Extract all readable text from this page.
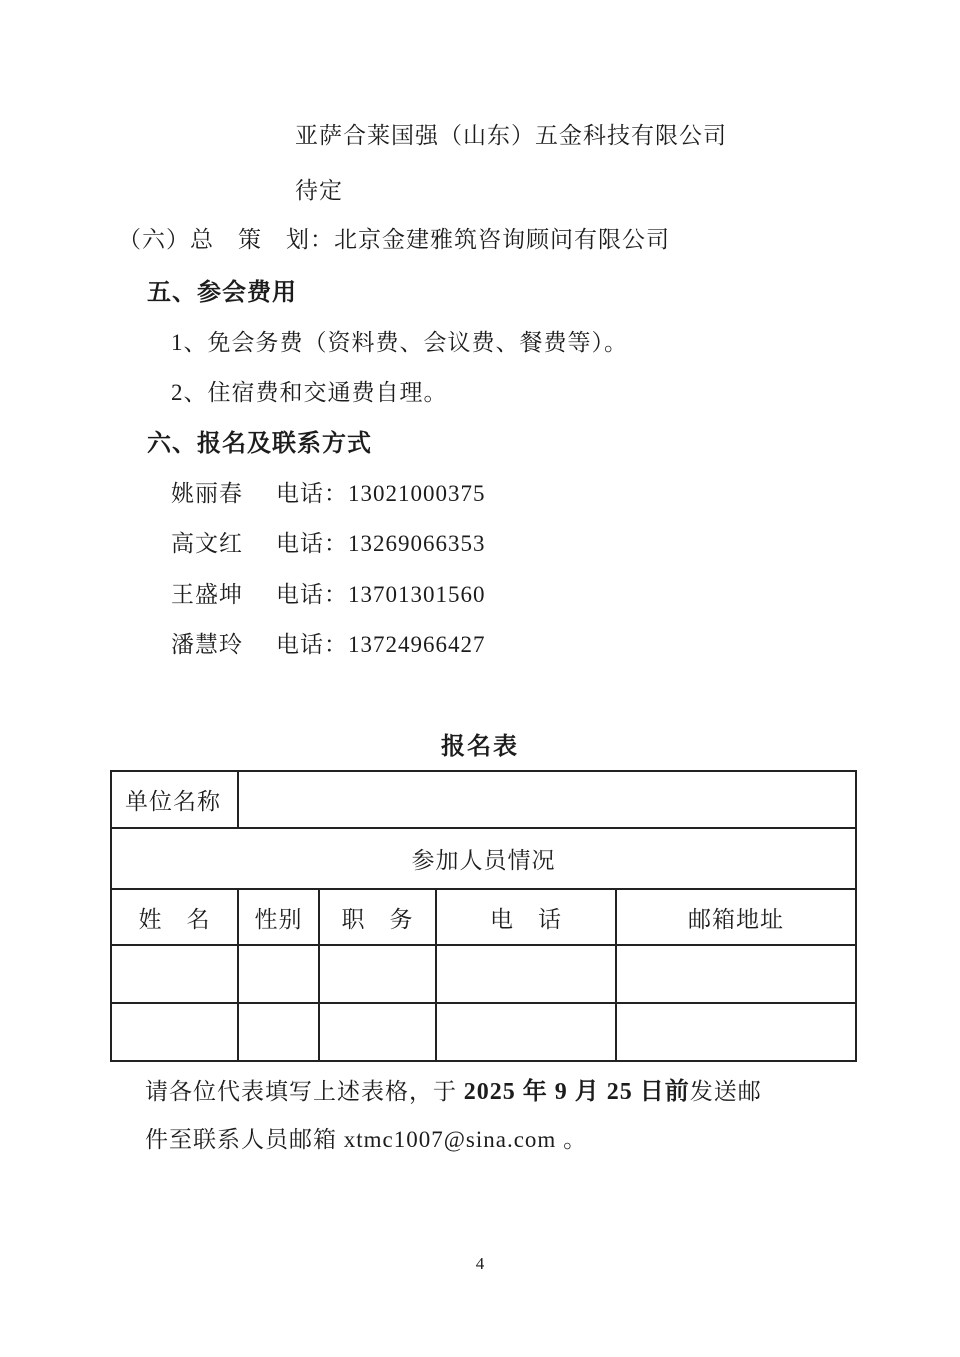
亚萨合莱国强（山东）五金科技有限公司
待定
（六）总　策　划：北京金建雅筑咨询顾问有限公司
五、参会费用
1、免会务费（资料费、会议费、餐费等）。
2、住宿费和交通费自理。
六、报名及联系方式
姚丽春 电话：13021000375
高文红 电话：13269066353
王盛坤 电话：13701301560
潘慧玲 电话：13724966427
报名表
单位名称				
参加人员情况				
姓　名	性别	职　务	电　话	邮箱地址

请各位代表填写上述表格，于 2025 年 9 月 25 日前发送邮
件至联系人员邮箱 xtmc1007@sina.com 。
4
